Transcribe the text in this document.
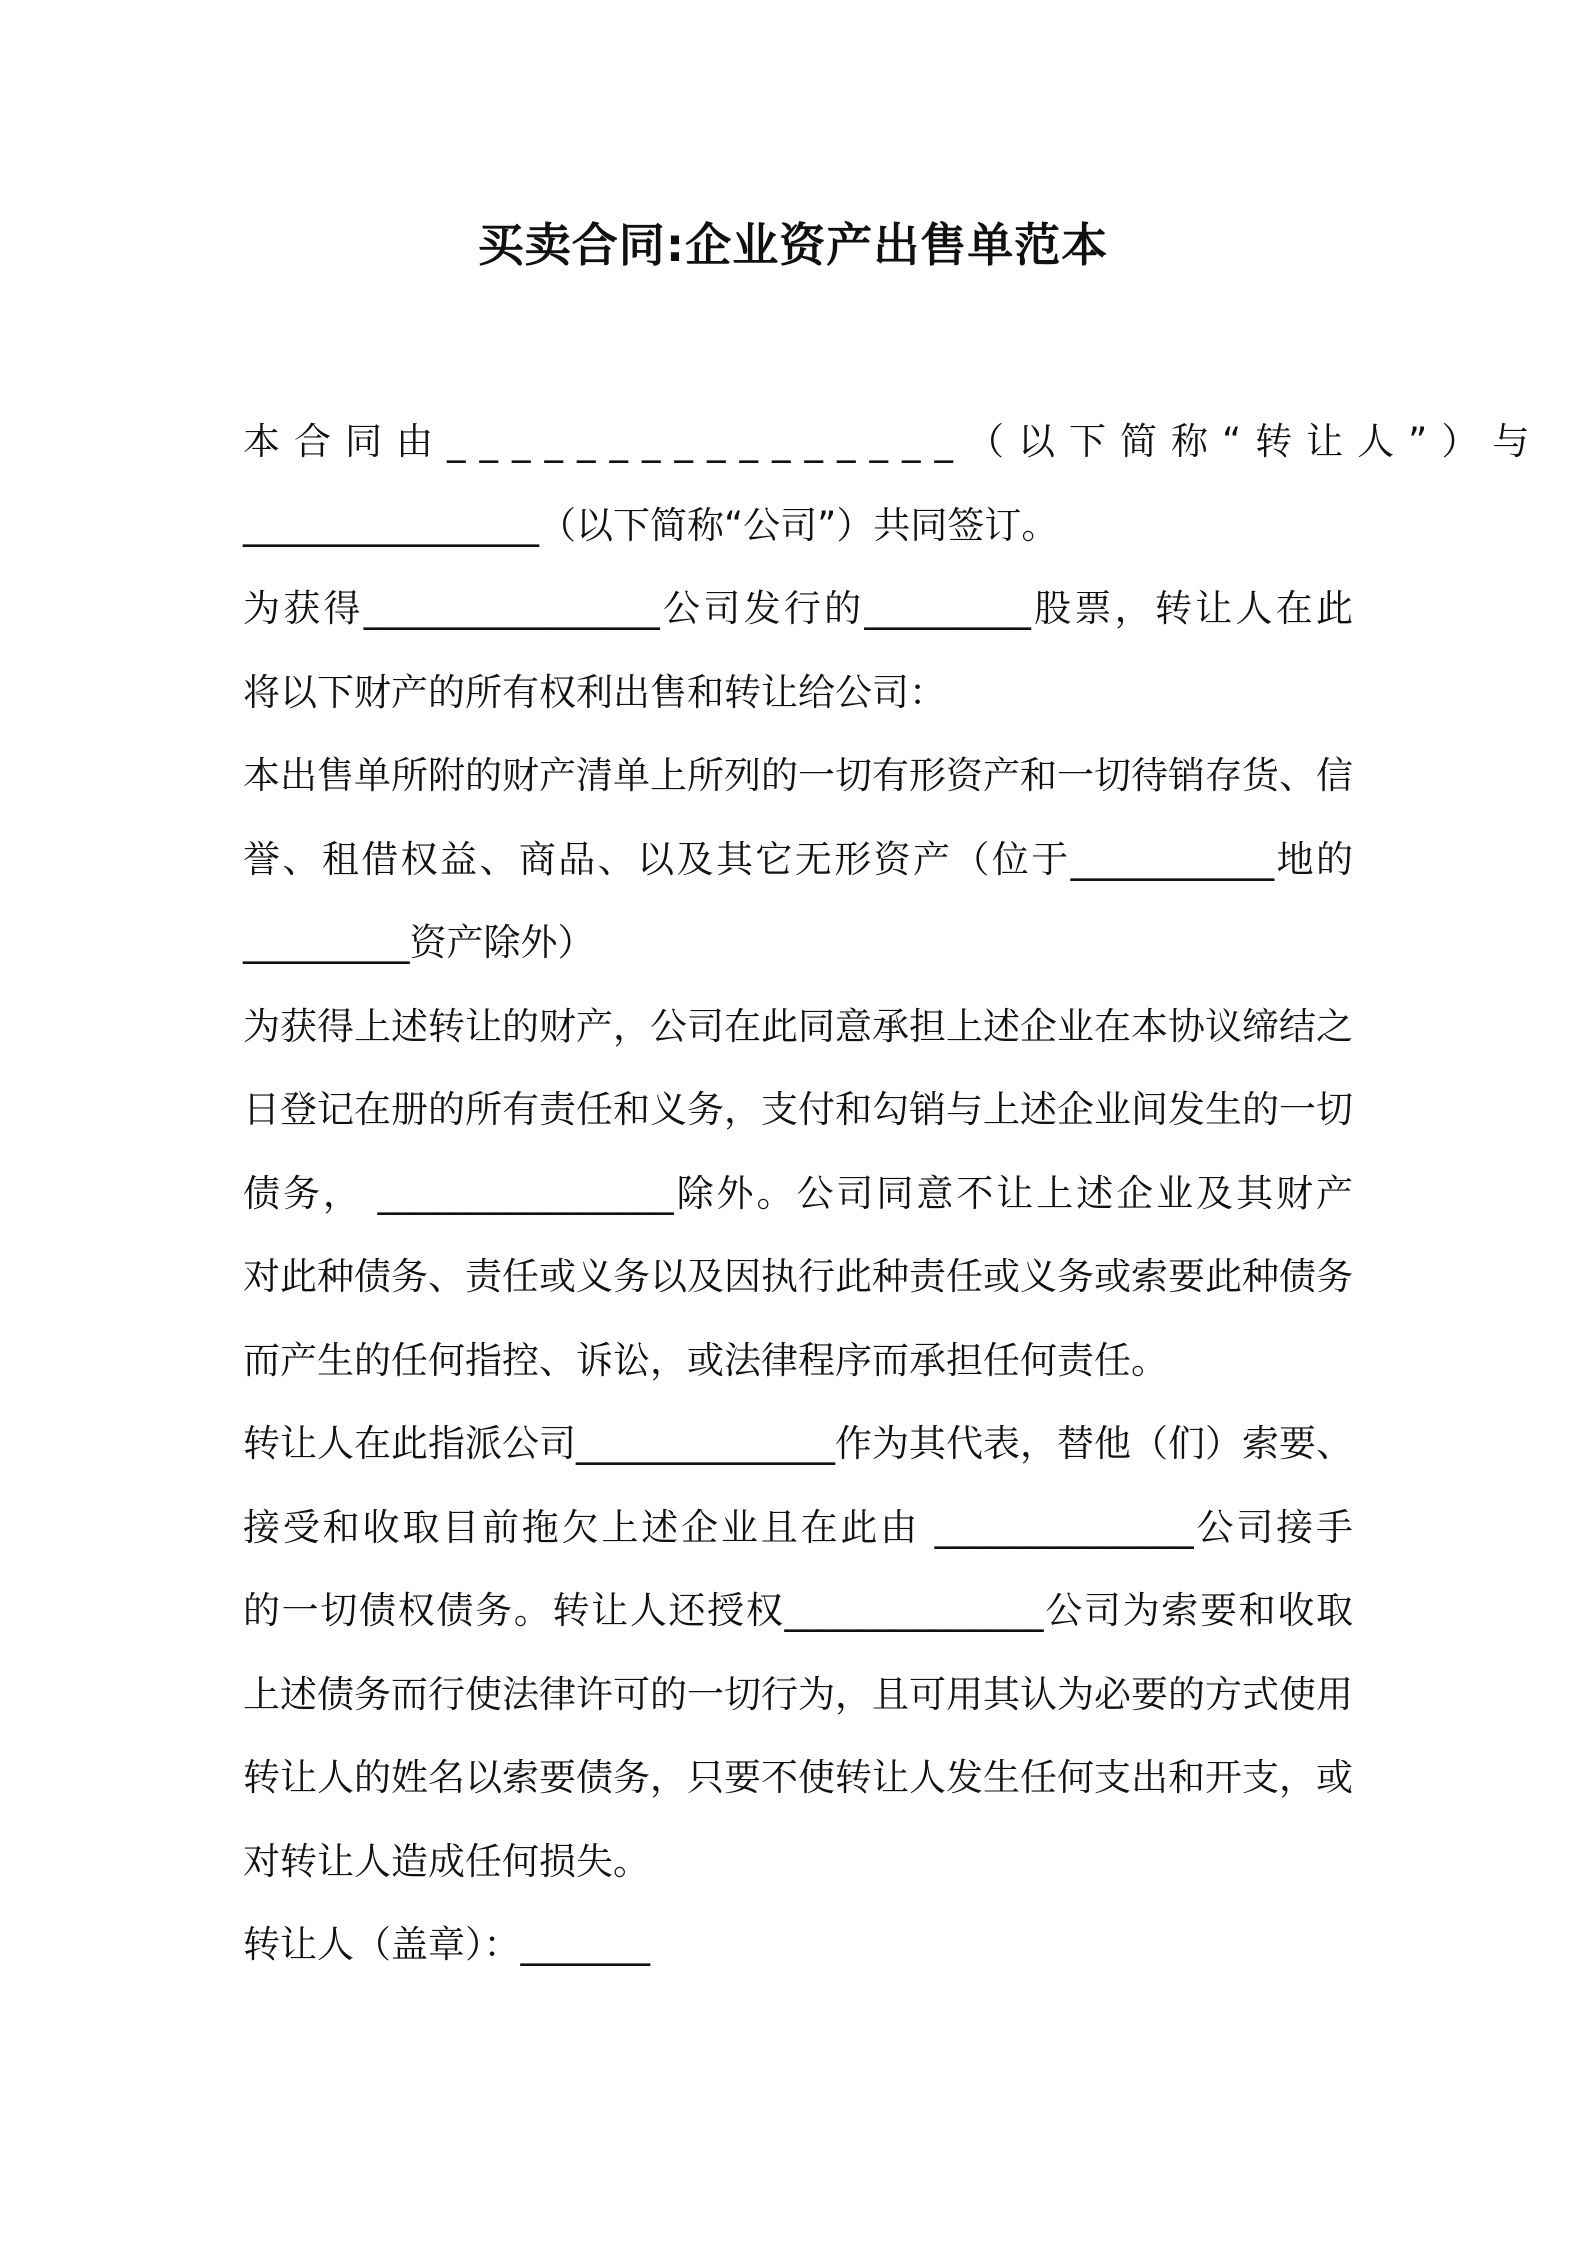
买卖合同:企业资产出售单范本
本合同由________________（以下简称“转让人”）与
________________（以下简称“公司”）共同签订。
为获得________________公司发行的_________股票，转让人在此
将以下财产的所有权利出售和转让给公司：
本出售单所附的财产清单上所列的一切有形资产和一切待销存货、信
誉、租借权益、商品、以及其它无形资产（位于___________地的
_________资产除外）
为获得上述转让的财产，公司在此同意承担上述企业在本协议缔结之
日登记在册的所有责任和义务，支付和勾销与上述企业间发生的一切
债务， ________________除外。公司同意不让上述企业及其财产
对此种债务、责任或义务以及因执行此种责任或义务或索要此种债务
而产生的任何指控、诉讼，或法律程序而承担任何责任。
转让人在此指派公司______________作为其代表，替他（们）索要、
接受和收取目前拖欠上述企业且在此由 ______________公司接手
的一切债权债务。转让人还授权______________公司为索要和收取
上述债务而行使法律许可的一切行为，且可用其认为必要的方式使用
转让人的姓名以索要债务，只要不使转让人发生任何支出和开支，或
对转让人造成任何损失。
转让人（盖章）：_______
